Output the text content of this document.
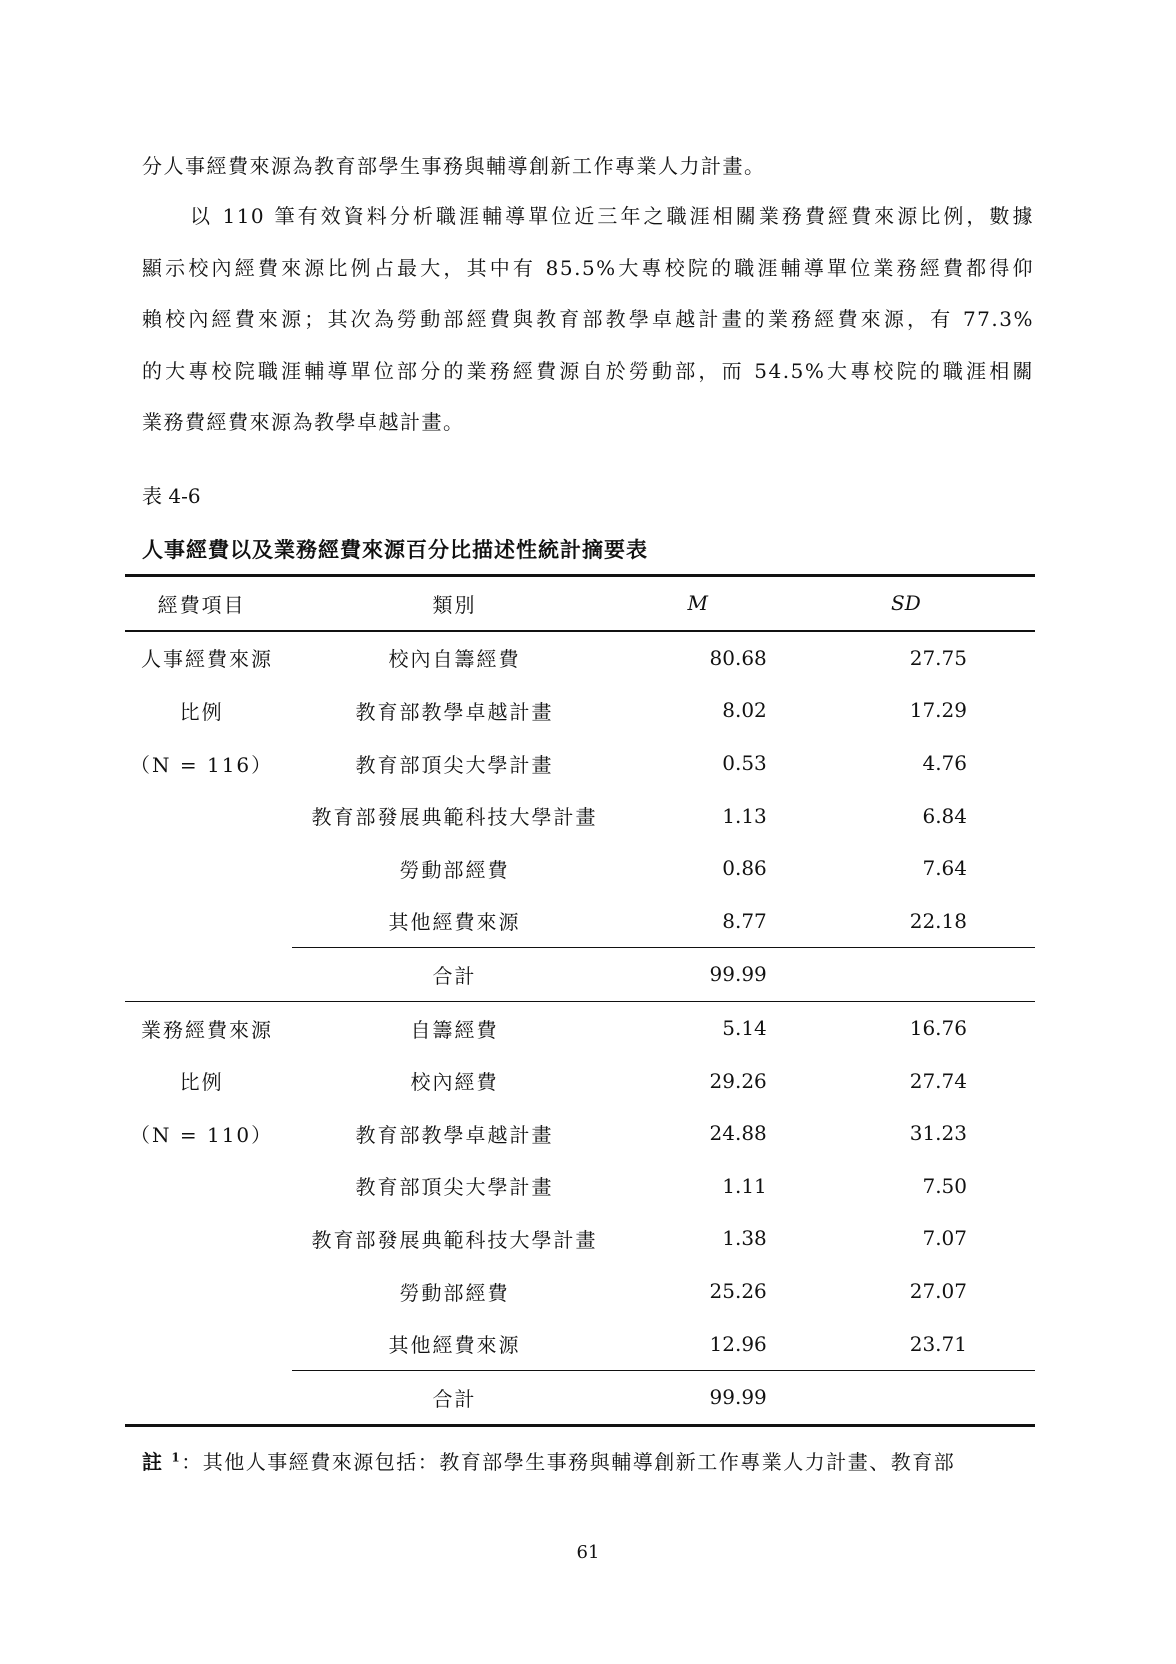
分人事經費來源為教育部學生事務與輔導創新工作專業人力計畫。
以 110 筆有效資料分析職涯輔導單位近三年之職涯相關業務費經費來源比例，數據
顯示校內經費來源比例占最大，其中有 85.5%大專校院的職涯輔導單位業務經費都得仰
賴校內經費來源；其次為勞動部經費與教育部教學卓越計畫的業務經費來源，有 77.3%
的大專校院職涯輔導單位部分的業務經費源自於勞動部，而 54.5%大專校院的職涯相關
業務費經費來源為教學卓越計畫。
表 4-6
人事經費以及業務經費來源百分比描述性統計摘要表
經費項目	類別	M	SD
人事經費來源	校內自籌經費	80.68	27.75
比例	教育部教學卓越計畫	8.02	17.29
（N = 116）	教育部頂尖大學計畫	0.53	4.76
	教育部發展典範科技大學計畫	1.13	6.84
	勞動部經費	0.86	7.64
	其他經費來源	8.77	22.18
	合計	99.99	
業務經費來源	自籌經費	5.14	16.76
比例	校內經費	29.26	27.74
（N = 110）	教育部教學卓越計畫	24.88	31.23
	教育部頂尖大學計畫	1.11	7.50
	教育部發展典範科技大學計畫	1.38	7.07
	勞動部經費	25.26	27.07
	其他經費來源	12.96	23.71
	合計	99.99	
註 $^1$：其他人事經費來源包括：教育部學生事務與輔導創新工作專業人力計畫、教育部
61
